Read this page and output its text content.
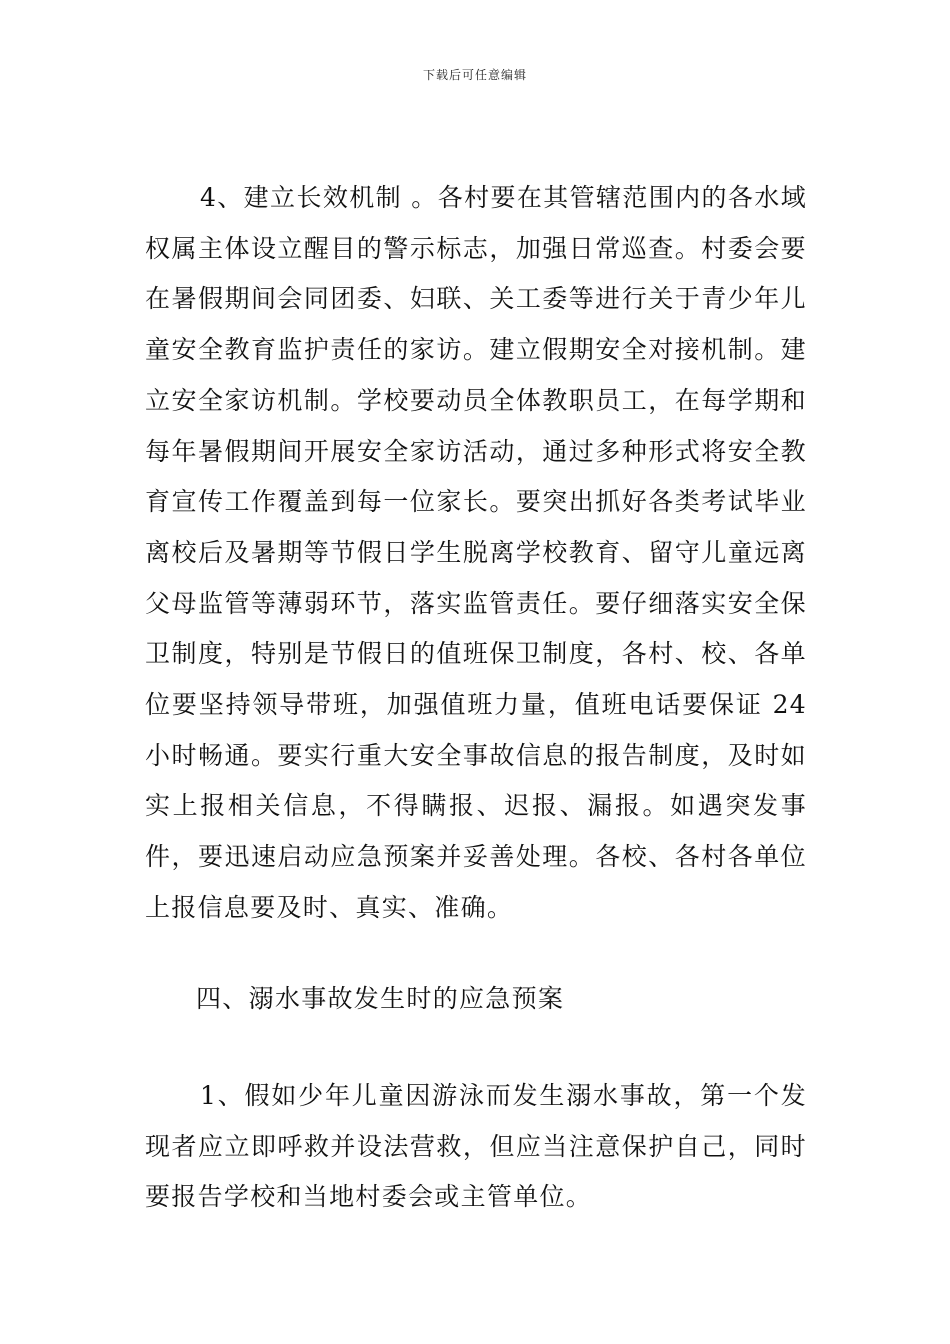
下载后可任意编辑

4、建立长效机制 。各村要在其管辖范围内的各水域权属主体设立醒目的警示标志，加强日常巡查。村委会要在暑假期间会同团委、妇联、关工委等进行关于青少年儿童安全教育监护责任的家访。建立假期安全对接机制。建立安全家访机制。学校要动员全体教职员工，在每学期和每年暑假期间开展安全家访活动，通过多种形式将安全教育宣传工作覆盖到每一位家长。要突出抓好各类考试毕业离校后及暑期等节假日学生脱离学校教育、留守儿童远离父母监管等薄弱环节，落实监管责任。要仔细落实安全保卫制度，特别是节假日的值班保卫制度，各村、校、各单位要坚持领导带班，加强值班力量，值班电话要保证 24 小时畅通。要实行重大安全事故信息的报告制度，及时如实上报相关信息，不得瞒报、迟报、漏报。如遇突发事件，要迅速启动应急预案并妥善处理。各校、各村各单位上报信息要及时、真实、准确。

四、溺水事故发生时的应急预案

1、假如少年儿童因游泳而发生溺水事故，第一个发现者应立即呼救并设法营救，但应当注意保护自己，同时要报告学校和当地村委会或主管单位。
